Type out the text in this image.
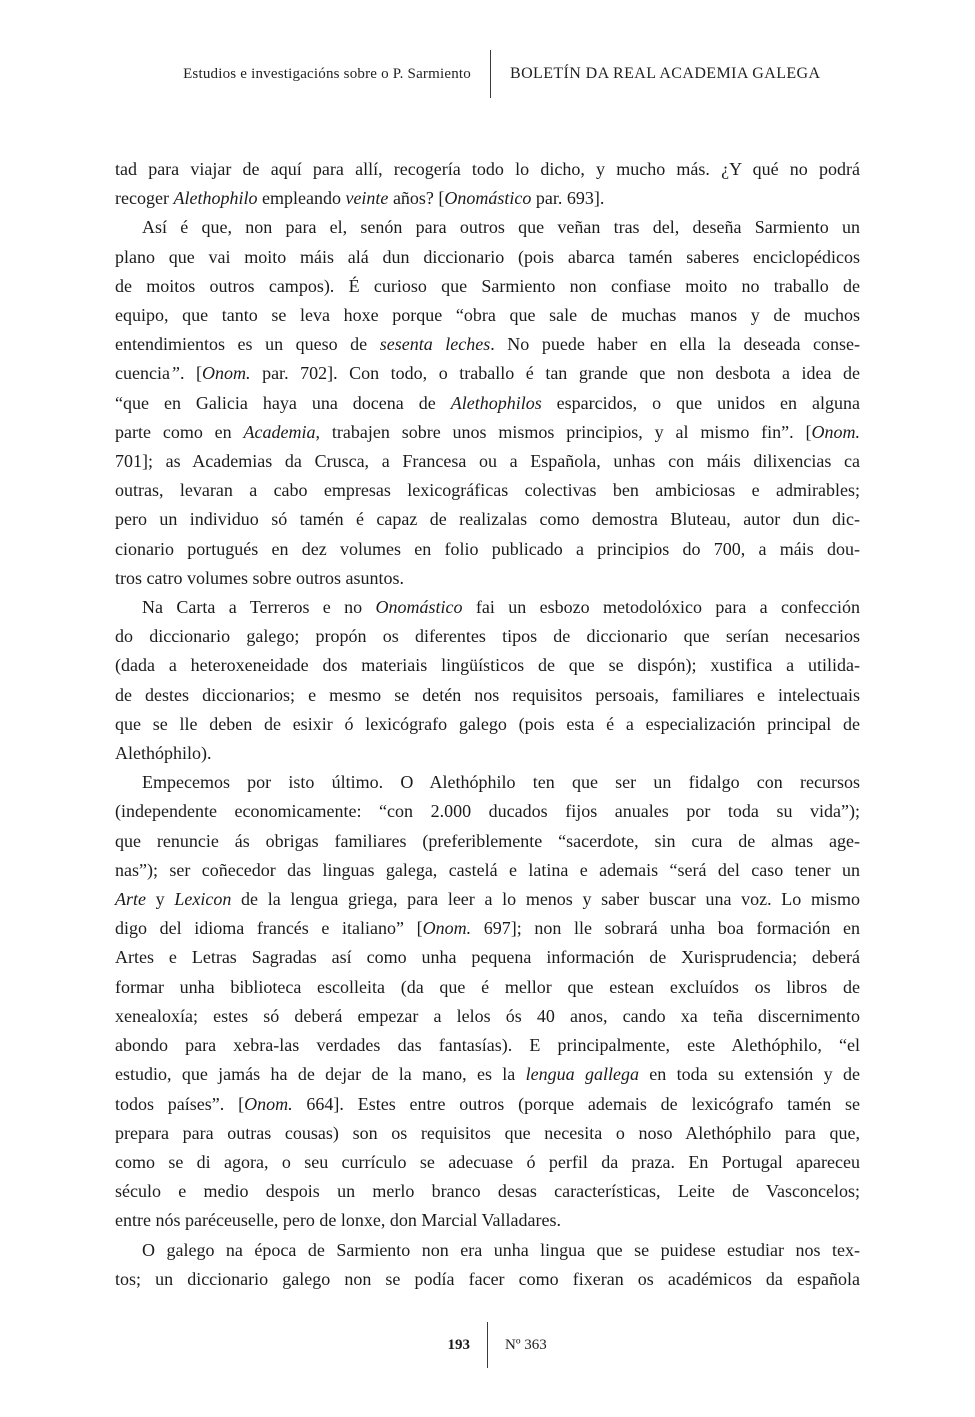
Estudios e investigacións sobre o P. Sarmiento	BOLETÍN DA REAL ACADEMIA GALEGA
tad para viajar de aquí para allí, recogería todo lo dicho, y mucho más. ¿Y qué no podrá
recoger Alethophilo empleando veinte años? [Onomástico par. 693].
Así é que, non para el, senón para outros que veñan tras del, deseña Sarmiento un
plano que vai moito máis alá dun diccionario (pois abarca tamén saberes enciclopédicos
de moitos outros campos). É curioso que Sarmiento non confiase moito no traballo de
equipo, que tanto se leva hoxe porque “obra que sale de muchas manos y de muchos
entendimientos es un queso de sesenta leches. No puede haber en ella la deseada conse-
cuencia”. [Onom. par. 702]. Con todo, o traballo é tan grande que non desbota a idea de
“que en Galicia haya una docena de Alethophilos esparcidos, o que unidos en alguna
parte como en Academia, trabajen sobre unos mismos principios, y al mismo fin”. [Onom.
701]; as Academias da Crusca, a Francesa ou a Española, unhas con máis dilixencias ca
outras, levaran a cabo empresas lexicográficas colectivas ben ambiciosas e admirables;
pero un individuo só tamén é capaz de realizalas como demostra Bluteau, autor dun dic-
cionario portugués en dez volumes en folio publicado a principios do 700, a máis dou-
tros catro volumes sobre outros asuntos.
Na Carta a Terreros e no Onomástico fai un esbozo metodolóxico para a confección
do diccionario galego; propón os diferentes tipos de diccionario que serían necesarios
(dada a heteroxeneidade dos materiais lingüísticos de que se dispón); xustifica a utilida-
de destes diccionarios; e mesmo se detén nos requisitos persoais, familiares e intelectuais
que se lle deben de esixir ó lexicógrafo galego (pois esta é a especialización principal de
Alethóphilo).
Empecemos por isto último. O Alethóphilo ten que ser un fidalgo con recursos
(independente economicamente: “con 2.000 ducados fijos anuales por toda su vida”);
que renuncie ás obrigas familiares (preferiblemente “sacerdote, sin cura de almas age-
nas”); ser coñecedor das linguas galega, castelá e latina e ademais “será del caso tener un
Arte y Lexicon de la lengua griega, para leer a lo menos y saber buscar una voz. Lo mismo
digo del idioma francés e italiano” [Onom. 697]; non lle sobrará unha boa formación en
Artes e Letras Sagradas así como unha pequena información de Xurisprudencia; deberá
formar unha biblioteca escolleita (da que é mellor que estean excluídos os libros de
xenealoxía; estes só deberá empezar a lelos ós 40 anos, cando xa teña discernimento
abondo para xebra-las verdades das fantasías). E principalmente, este Alethóphilo, “el
estudio, que jamás ha de dejar de la mano, es la lengua gallega en toda su extensión y de
todos países”. [Onom. 664]. Estes entre outros (porque ademais de lexicógrafo tamén se
prepara para outras cousas) son os requisitos que necesita o noso Alethóphilo para que,
como se di agora, o seu currículo se adecuase ó perfil da praza. En Portugal apareceu
século e medio despois un merlo branco desas características, Leite de Vasconcelos;
entre nós paréceuselle, pero de lonxe, don Marcial Valladares.
O galego na época de Sarmiento non era unha lingua que se puidese estudiar nos tex-
tos; un diccionario galego non se podía facer como fixeran os académicos da española
193	Nº 363
